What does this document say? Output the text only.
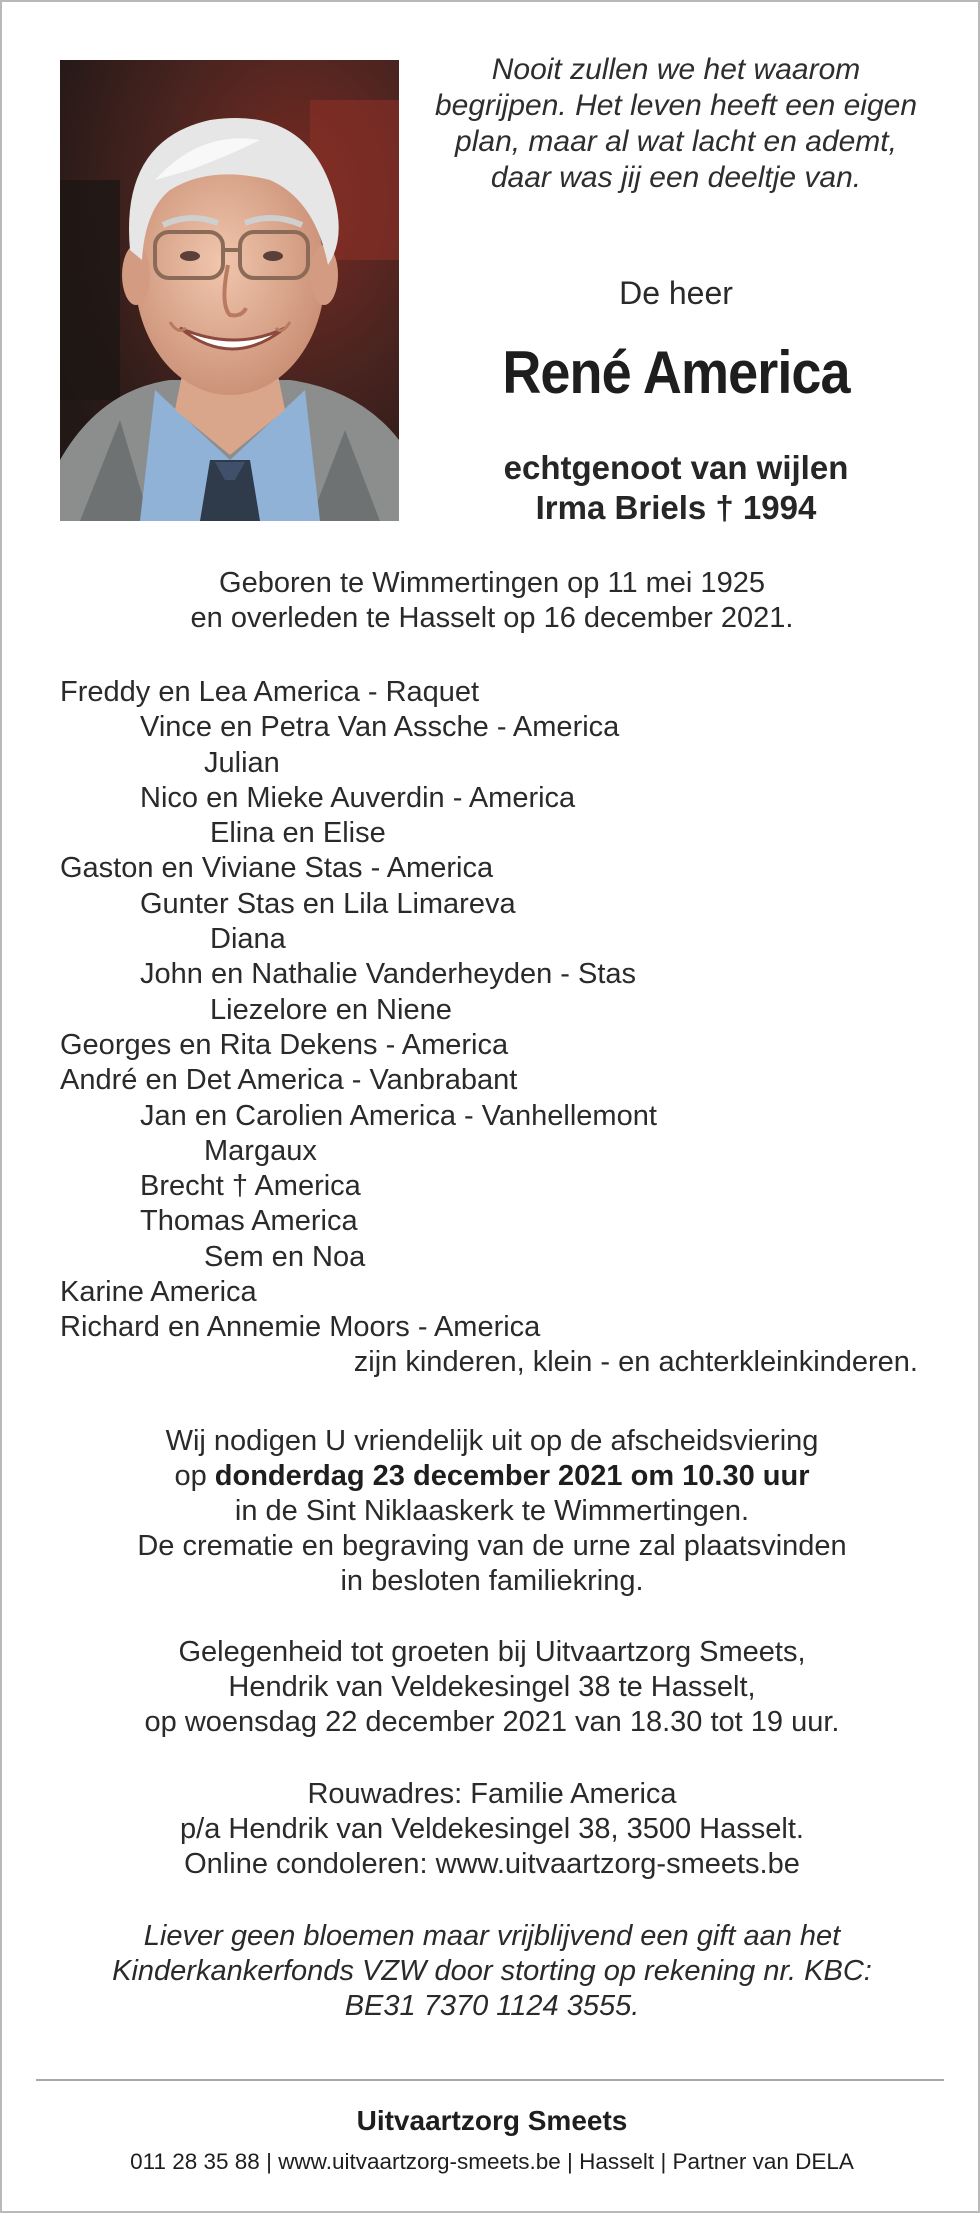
Nooit zullen we het waarom
begrijpen. Het leven heeft een eigen
plan, maar al wat lacht en ademt,
daar was jij een deeltje van.
De heer
René America
echtgenoot van wijlen
Irma Briels † 1994
Geboren te Wimmertingen op 11 mei 1925
en overleden te Hasselt op 16 december 2021.
Freddy en Lea America - Raquet
Vince en Petra Van Assche - America
Julian
Nico en Mieke Auverdin - America
Elina en Elise
Gaston en Viviane Stas - America
Gunter Stas en Lila Limareva
Diana
John en Nathalie Vanderheyden - Stas
Liezelore en Niene
Georges en Rita Dekens - America
André en Det America - Vanbrabant
Jan en Carolien America - Vanhellemont
Margaux
Brecht † America
Thomas America
Sem en Noa
Karine America
Richard en Annemie Moors - America
zijn kinderen, klein - en achterkleinkinderen.
Wij nodigen U vriendelijk uit op de afscheidsviering
op donderdag 23 december 2021 om 10.30 uur
in de Sint Niklaaskerk te Wimmertingen.
De crematie en begraving van de urne zal plaatsvinden
in besloten familiekring.
Gelegenheid tot groeten bij Uitvaartzorg Smeets,
Hendrik van Veldekesingel 38 te Hasselt,
op woensdag 22 december 2021 van 18.30 tot 19 uur.
Rouwadres: Familie America
p/a Hendrik van Veldekesingel 38, 3500 Hasselt.
Online condoleren: www.uitvaartzorg-smeets.be
Liever geen bloemen maar vrijblijvend een gift aan het
Kinderkankerfonds VZW door storting op rekening nr. KBC:
BE31 7370 1124 3555.
Uitvaartzorg Smeets
011 28 35 88 | www.uitvaartzorg-smeets.be | Hasselt | Partner van DELA
